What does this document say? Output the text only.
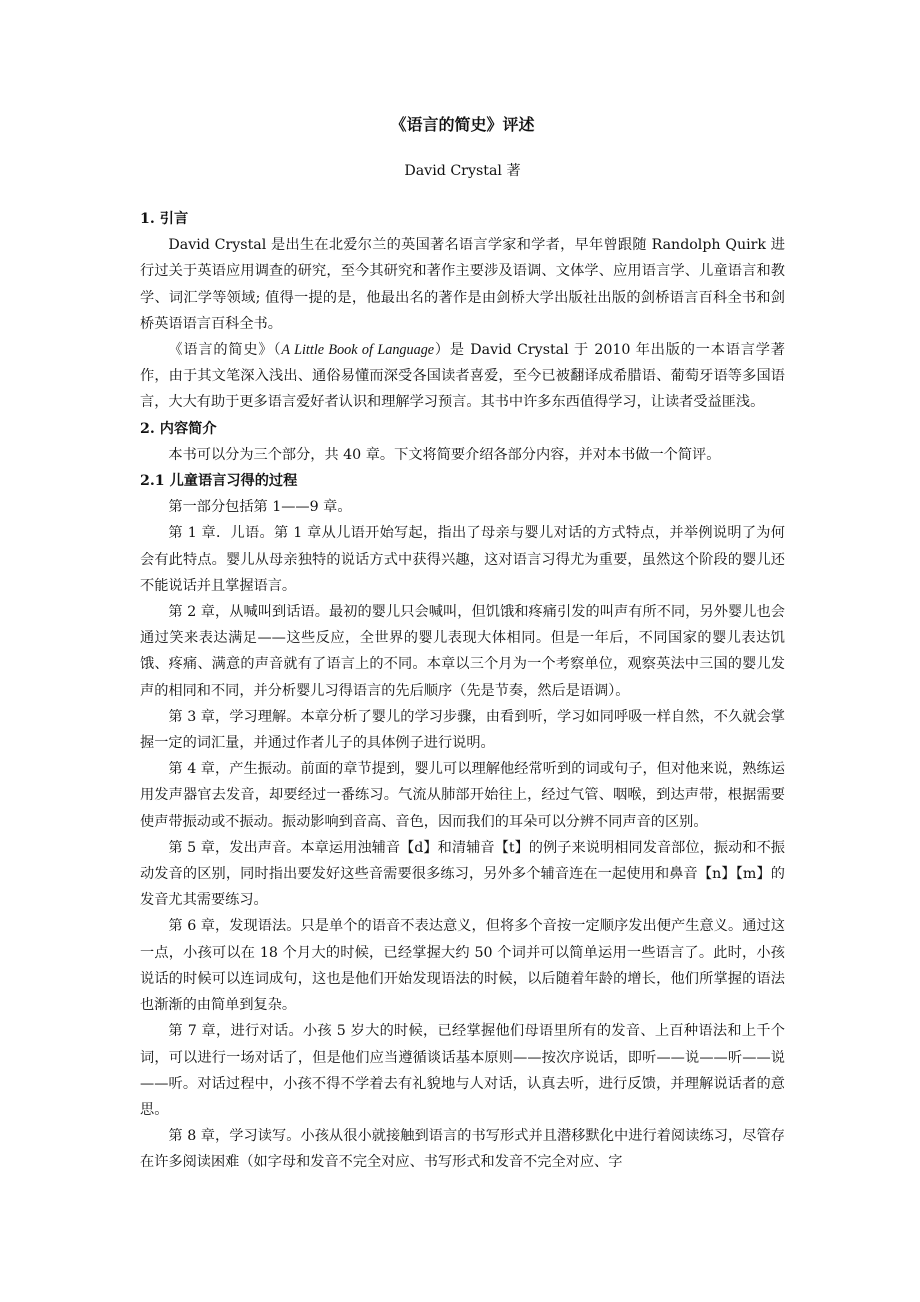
《语言的简史》评述
David Crystal 著
1. 引言

David Crystal 是出生在北爱尔兰的英国著名语言学家和学者，早年曾跟随 Randolph Quirk 进行过关于英语应用调查的研究，至今其研究和著作主要涉及语调、文体学、应用语言学、儿童语言和教学、词汇学等领域; 值得一提的是，他最出名的著作是由剑桥大学出版社出版的剑桥语言百科全书和剑桥英语语言百科全书。

《语言的简史》（A Little Book of Language）是 David Crystal 于 2010 年出版的一本语言学著作，由于其文笔深入浅出、通俗易懂而深受各国读者喜爱，至今已被翻译成希腊语、葡萄牙语等多国语言，大大有助于更多语言爱好者认识和理解学习预言。其书中许多东西值得学习，让读者受益匪浅。

2. 内容简介

本书可以分为三个部分，共 40 章。下文将简要介绍各部分内容，并对本书做一个简评。

2.1 儿童语言习得的过程

第一部分包括第 1——9 章。

第 1 章．儿语。第 1 章从儿语开始写起，指出了母亲与婴儿对话的方式特点，并举例说明了为何会有此特点。婴儿从母亲独特的说话方式中获得兴趣，这对语言习得尤为重要，虽然这个阶段的婴儿还不能说话并且掌握语言。

第 2 章，从喊叫到话语。最初的婴儿只会喊叫，但饥饿和疼痛引发的叫声有所不同，另外婴儿也会通过笑来表达满足——这些反应，全世界的婴儿表现大体相同。但是一年后，不同国家的婴儿表达饥饿、疼痛、满意的声音就有了语言上的不同。本章以三个月为一个考察单位，观察英法中三国的婴儿发声的相同和不同，并分析婴儿习得语言的先后顺序（先是节奏，然后是语调）。

第 3 章，学习理解。本章分析了婴儿的学习步骤，由看到听，学习如同呼吸一样自然，不久就会掌握一定的词汇量，并通过作者儿子的具体例子进行说明。

第 4 章，产生振动。前面的章节提到，婴儿可以理解他经常听到的词或句子，但对他来说，熟练运用发声器官去发音，却要经过一番练习。气流从肺部开始往上，经过气管、咽喉，到达声带，根据需要使声带振动或不振动。振动影响到音高、音色，因而我们的耳朵可以分辨不同声音的区别。

第 5 章，发出声音。本章运用浊辅音【d】和清辅音【t】的例子来说明相同发音部位，振动和不振动发音的区别，同时指出要发好这些音需要很多练习，另外多个辅音连在一起使用和鼻音【n】【m】的发音尤其需要练习。

第 6 章，发现语法。只是单个的语音不表达意义，但将多个音按一定顺序发出便产生意义。通过这一点，小孩可以在 18 个月大的时候，已经掌握大约 50 个词并可以简单运用一些语言了。此时，小孩说话的时候可以连词成句，这也是他们开始发现语法的时候，以后随着年龄的增长，他们所掌握的语法也渐渐的由简单到复杂。

第 7 章，进行对话。小孩 5 岁大的时候，已经掌握他们母语里所有的发音、上百种语法和上千个词，可以进行一场对话了，但是他们应当遵循谈话基本原则——按次序说话，即听——说——听——说——听。对话过程中，小孩不得不学着去有礼貌地与人对话，认真去听，进行反馈，并理解说话者的意思。

第 8 章，学习读写。小孩从很小就接触到语言的书写形式并且潜移默化中进行着阅读练习，尽管存在许多阅读困难（如字母和发音不完全对应、书写形式和发音不完全对应、字
